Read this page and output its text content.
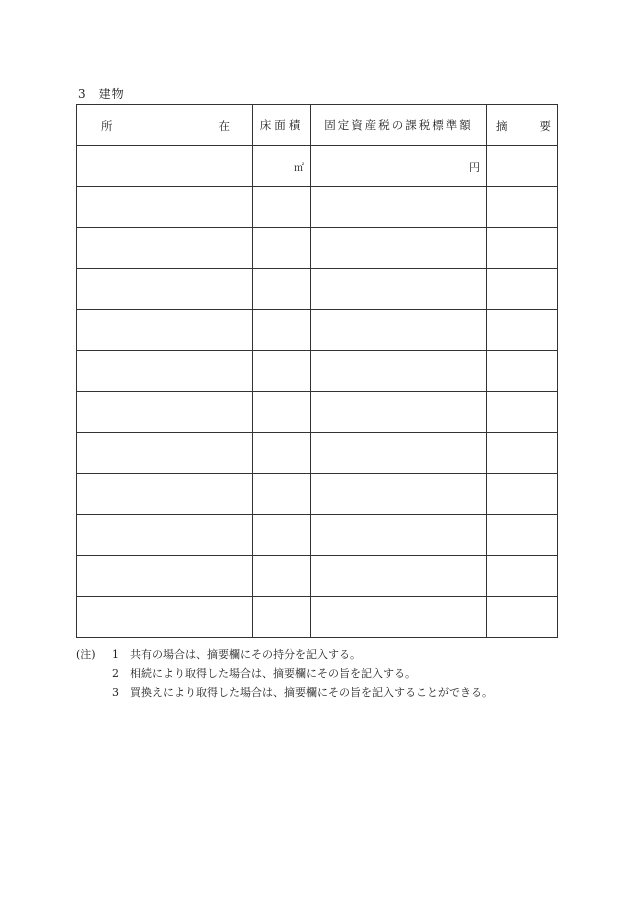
3 建物
所 在	床面積	固定資産税の課税標準額	摘 要

	㎡	円	

(注)	1	共有の場合は、摘要欄にその持分を記入する。
2	相続により取得した場合は、摘要欄にその旨を記入する。
3	買換えにより取得した場合は、摘要欄にその旨を記入することができる。
